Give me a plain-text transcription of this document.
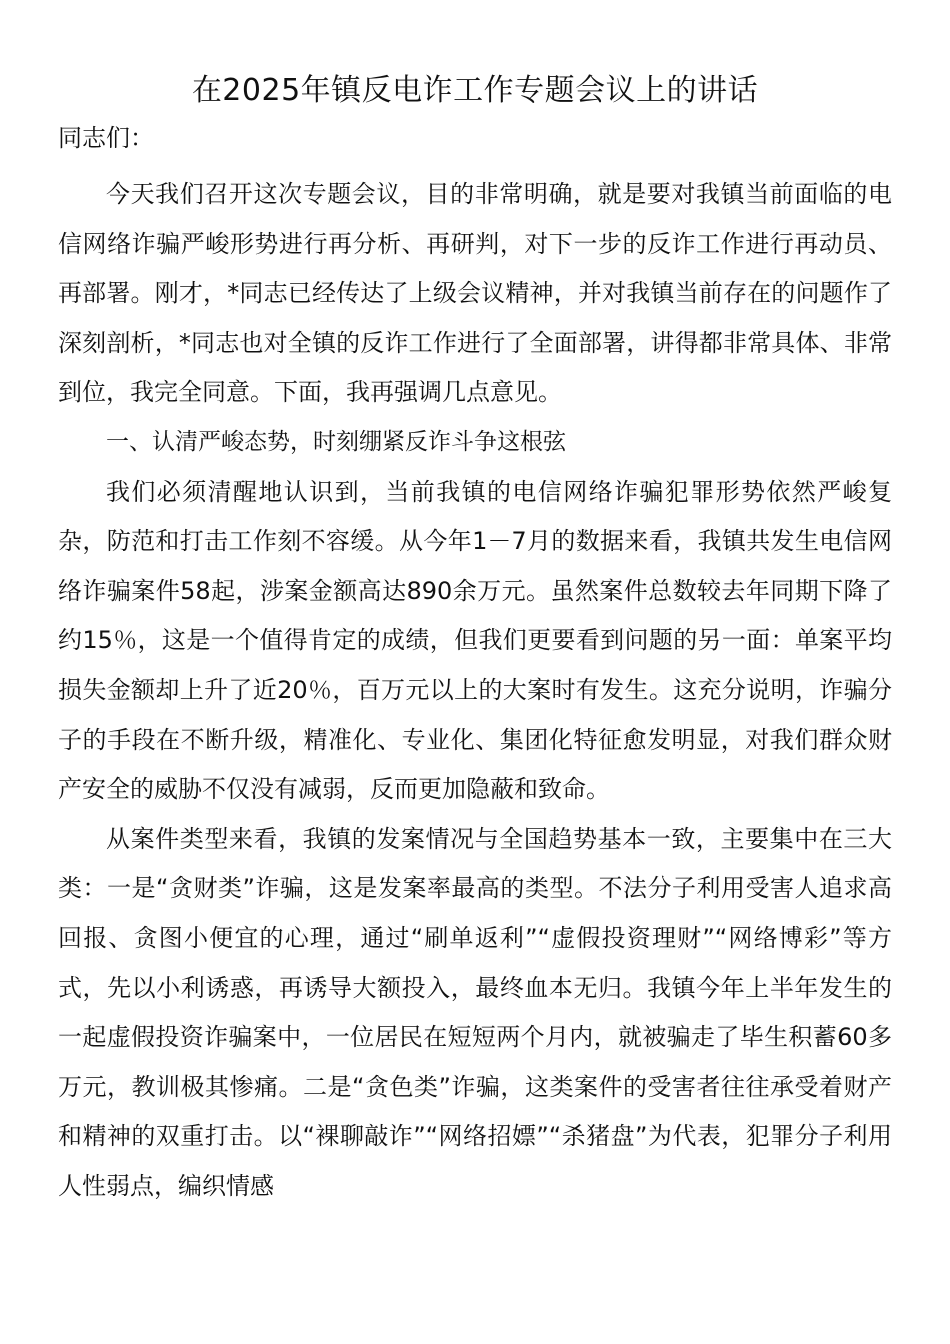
在2025年镇反电诈工作专题会议上的讲话
同志们：

今天我们召开这次专题会议，目的非常明确，就是要对我镇当前面临的电信网络诈骗严峻形势进行再分析、再研判，对下一步的反诈工作进行再动员、再部署。刚才，*同志已经传达了上级会议精神，并对我镇当前存在的问题作了深刻剖析，*同志也对全镇的反诈工作进行了全面部署，讲得都非常具体、非常到位，我完全同意。下面，我再强调几点意见。

一、认清严峻态势，时刻绷紧反诈斗争这根弦

我们必须清醒地认识到，当前我镇的电信网络诈骗犯罪形势依然严峻复杂，防范和打击工作刻不容缓。从今年1－7月的数据来看，我镇共发生电信网络诈骗案件58起，涉案金额高达890余万元。虽然案件总数较去年同期下降了约15％，这是一个值得肯定的成绩，但我们更要看到问题的另一面：单案平均损失金额却上升了近20％，百万元以上的大案时有发生。这充分说明，诈骗分子的手段在不断升级，精准化、专业化、集团化特征愈发明显，对我们群众财产安全的威胁不仅没有减弱，反而更加隐蔽和致命。

从案件类型来看，我镇的发案情况与全国趋势基本一致，主要集中在三大类：一是“贪财类”诈骗，这是发案率最高的类型。不法分子利用受害人追求高回报、贪图小便宜的心理，通过“刷单返利”“虚假投资理财”“网络博彩”等方式，先以小利诱惑，再诱导大额投入，最终血本无归。我镇今年上半年发生的一起虚假投资诈骗案中，一位居民在短短两个月内，就被骗走了毕生积蓄60多万元，教训极其惨痛。二是“贪色类”诈骗，这类案件的受害者往往承受着财产和精神的双重打击。以“裸聊敲诈”“网络招嫖”“杀猪盘”为代表，犯罪分子利用人性弱点，编织情感
